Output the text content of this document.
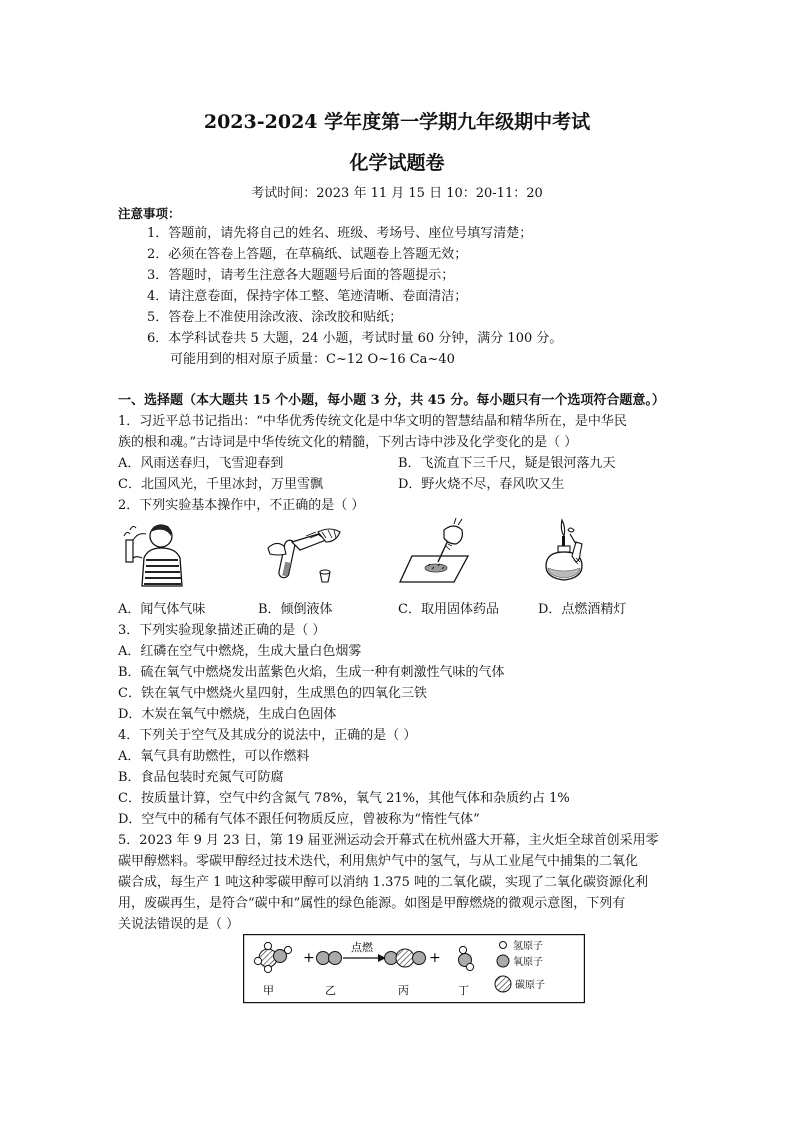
2023-2024 学年度第一学期九年级期中考试
化学试题卷
考试时间：2023 年 11 月 15 日 10：20-11：20
注意事项：
1．答题前，请先将自己的姓名、班级、考场号、座位号填写清楚；
2．必须在答卷上答题，在草稿纸、试题卷上答题无效；
3．答题时，请考生注意各大题题号后面的答题提示；
4．请注意卷面，保持字体工整、笔迹清晰、卷面清洁；
5．答卷上不准使用涂改液、涂改胶和贴纸；
6．本学科试卷共 5 大题，24 小题，考试时量 60 分钟，满分 100 分。
可能用到的相对原子质量：C~12 O~16 Ca~40
一、选择题（本大题共 15 个小题，每小题 3 分，共 45 分。每小题只有一个选项符合题意。）
1．习近平总书记指出：“中华优秀传统文化是中华文明的智慧结晶和精华所在，是中华民
族的根和魂。”古诗词是中华传统文化的精髓，下列古诗中涉及化学变化的是（ ）
A．风雨送春归，飞雪迎春到	B．飞流直下三千尺，疑是银河落九天
C．北国风光，千里冰封，万里雪飘	D．野火烧不尽，春风吹又生
2．下列实验基本操作中，不正确的是（ ）
A．闻气体气味	B．倾倒液体	C．取用固体药品	D．点燃酒精灯
3．下列实验现象描述正确的是（ ）
A．红磷在空气中燃烧，生成大量白色烟雾
B．硫在氧气中燃烧发出蓝紫色火焰，生成一种有刺激性气味的气体
C．铁在氧气中燃烧火星四射，生成黑色的四氧化三铁
D．木炭在氧气中燃烧，生成白色固体
4．下列关于空气及其成分的说法中，正确的是（ ）
A．氧气具有助燃性，可以作燃料
B．食品包装时充氮气可防腐
C．按质量计算，空气中约含氮气 78%，氧气 21%，其他气体和杂质约占 1%
D．空气中的稀有气体不跟任何物质反应，曾被称为“惰性气体”
5．2023 年 9 月 23 日，第 19 届亚洲运动会开幕式在杭州盛大开幕，主火炬全球首创采用零
碳甲醇燃料。零碳甲醇经过技术迭代，利用焦炉气中的氢气，与从工业尾气中捕集的二氧化
碳合成，每生产 1 吨这种零碳甲醇可以消纳 1.375 吨的二氧化碳，实现了二氧化碳资源化利
用，废碳再生，是符合“碳中和”属性的绿色能源。如图是甲醇燃烧的微观示意图，下列有
关说法错误的是（ ）
+
点燃
+
甲	乙	丙	丁
氢原子
氧原子
碳原子
